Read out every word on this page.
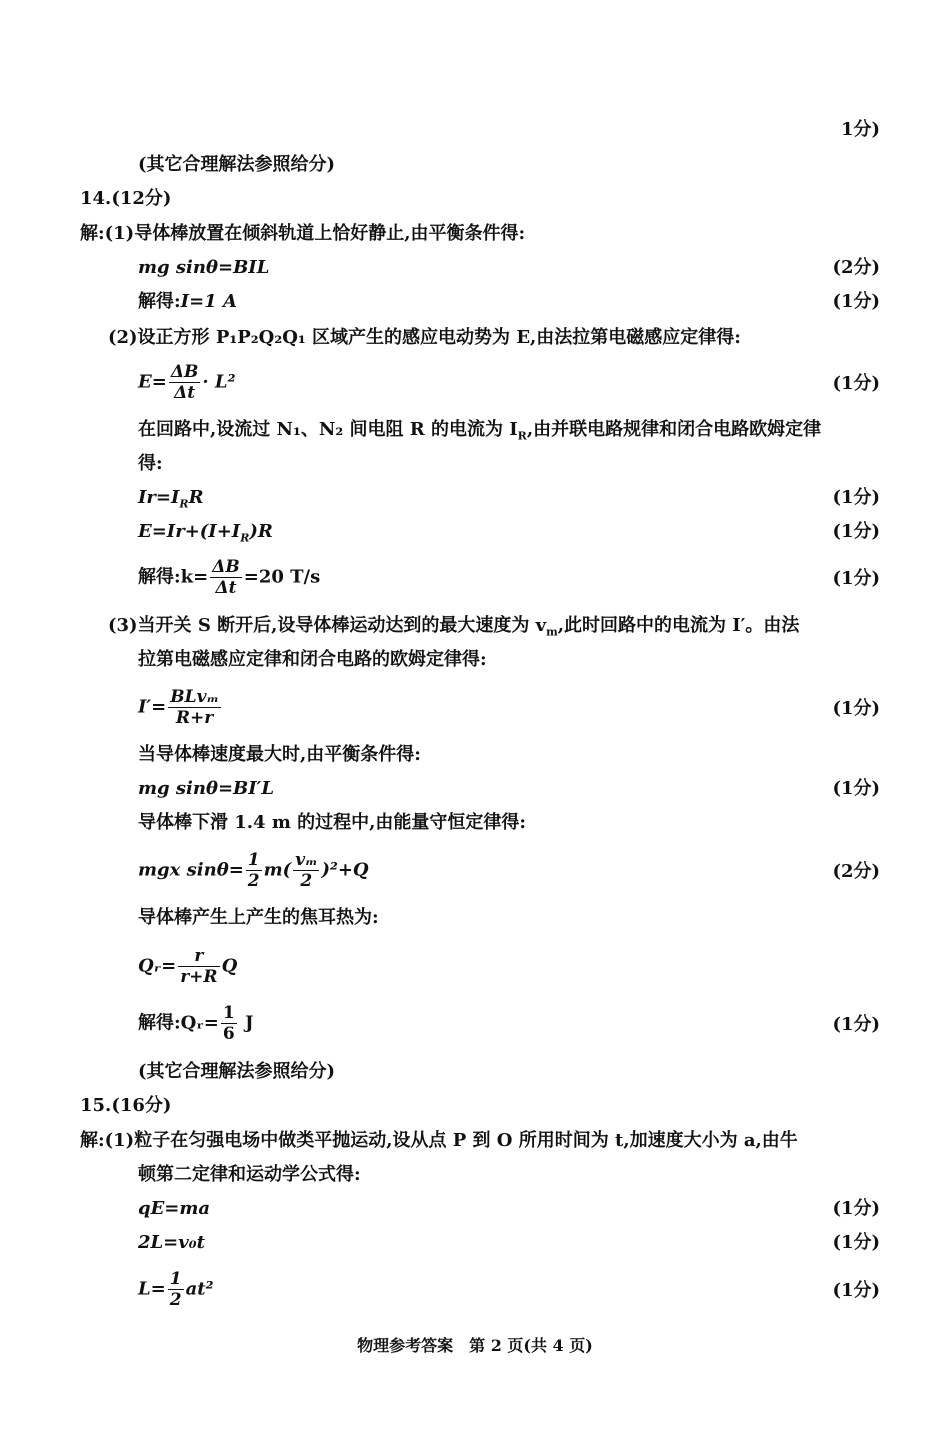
1分)
(其它合理解法参照给分)
14.(12分)
解:(1)导体棒放置在倾斜轨道上恰好静止,由平衡条件得:
mg sinθ=BIL	(2分)
解得:I=1 A	(1分)
(2)设正方形 P₁P₂Q₂Q₁ 区域产生的感应电动势为 E,由法拉第电磁感应定律得:
$E= \frac{\Delta B}{\Delta t} \cdot L^2$	(1分)
在回路中,设流过 N₁、N₂ 间电阻 R 的电流为 $I_R$,由并联电路规律和闭合电路欧姆定律
得:
$Ir=I_RR$	(1分)
$E=Ir+(I+I_R)R$	(1分)
解得:k= $\frac{\Delta B}{\Delta t} =20$ T/s	(1分)
(3)当开关 S 断开后,设导体棒运动达到的最大速度为 $v_m$,此时回路中的电流为 I′。由法
拉第电磁感应定律和闭合电路的欧姆定律得:
$I'= \frac{\text{BLvₘ}}{R+r}$	(1分)
当导体棒速度最大时,由平衡条件得:
mg sinθ=BI′L	(1分)
导体棒下滑 1.4 m 的过程中,由能量守恒定律得:
mgx $\sin\theta= \frac{1}{2} m( \frac{\text{vₘ}}{2} )^2+Q$	(2分)
导体棒产生上产生的焦耳热为:
Qᵣ= $\frac{r}{r+R}$ Q
解得:Qᵣ= $\frac{1}{6}$ J	(1分)
(其它合理解法参照给分)
15.(16分)
解:(1)粒子在匀强电场中做类平抛运动,设从点 P 到 O 所用时间为 t,加速度大小为 a,由牛
顿第二定律和运动学公式得:
qE=ma	(1分)
2L=v₀t	(1分)
$L= \frac{1}{2} at^2$	(1分)
物理参考答案　第 2 页(共 4 页)
